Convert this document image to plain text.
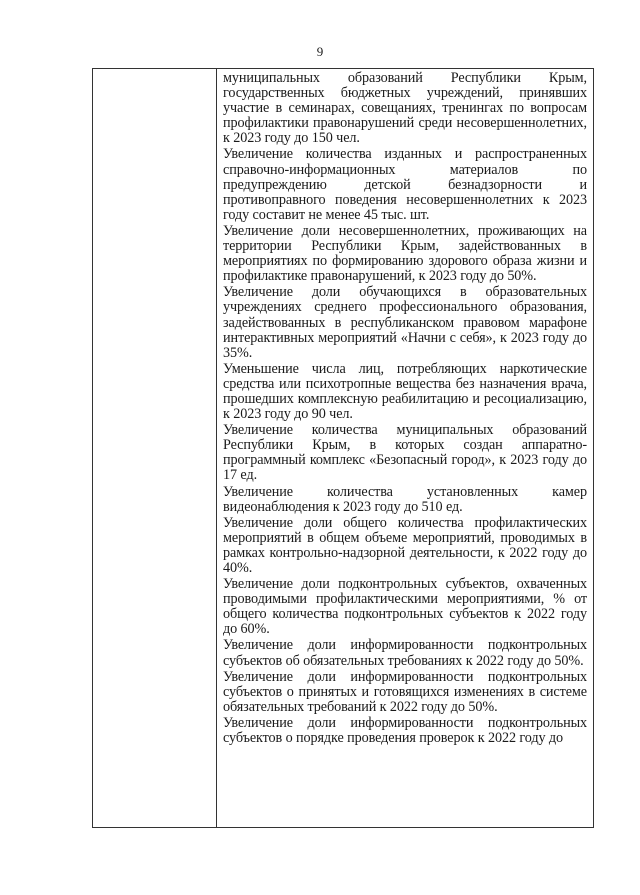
9

муниципальных образований Республики Крым, государственных бюджетных учреждений, принявших участие в семинарах, совещаниях, тренингах по вопросам профилактики правонарушений среди несовершеннолетних, к 2023 году до 150 чел.

Увеличение количества изданных и распространенных справочно-информационных материалов по предупреждению детской безнадзорности и противоправного поведения несовершеннолетних к 2023 году составит не менее 45 тыс. шт.

Увеличение доли несовершеннолетних, проживающих на территории Республики Крым, задействованных в мероприятиях по формированию здорового образа жизни и профилактике правонарушений, к 2023 году до 50%.

Увеличение доли обучающихся в образовательных учреждениях среднего профессионального образования, задействованных в республиканском правовом марафоне интерактивных мероприятий «Начни с себя», к 2023 году до 35%.

Уменьшение числа лиц, потребляющих наркотические средства или психотропные вещества без назначения врача, прошедших комплексную реабилитацию и ресоциализацию, к 2023 году до 90 чел.

Увеличение количества муниципальных образований Республики Крым, в которых создан аппаратно-программный комплекс «Безопасный город», к 2023 году до 17 ед.

Увеличение количества установленных камер видеонаблюдения к 2023 году до 510 ед.

Увеличение доли общего количества профилактических мероприятий в общем объеме мероприятий, проводимых в рамках контрольно-надзорной деятельности, к 2022 году до 40%.

Увеличение доли подконтрольных субъектов, охваченных проводимыми профилактическими мероприятиями, % от общего количества подконтрольных субъектов к 2022 году до 60%.

Увеличение доли информированности подконтрольных субъектов об обязательных требованиях к 2022 году до 50%.

Увеличение доли информированности подконтрольных субъектов о принятых и готовящихся изменениях в системе обязательных требований к 2022 году до 50%.

Увеличение доли информированности подконтрольных субъектов о порядке проведения проверок к 2022 году до
